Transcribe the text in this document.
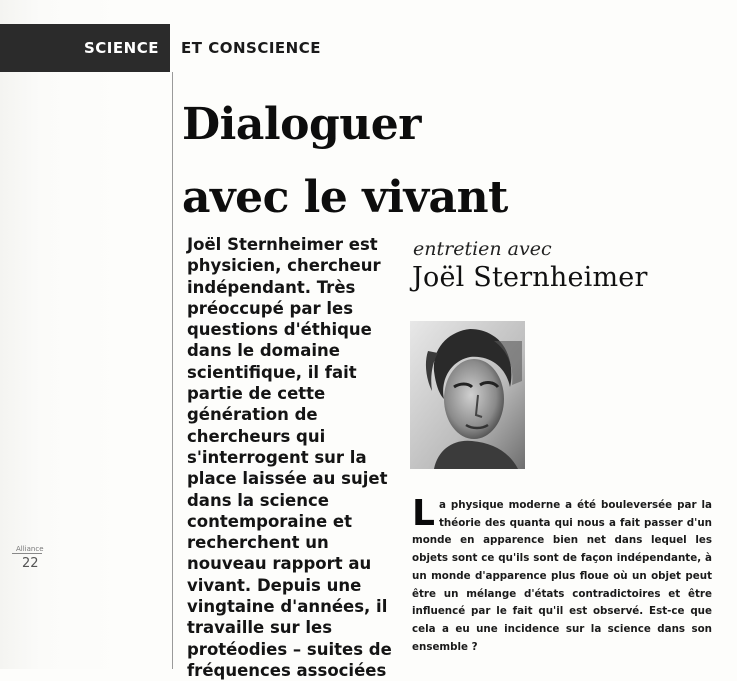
SCIENCE ET CONSCIENCE
Dialoguer
avec le vivant

Joël Sternheimer est physicien, chercheur indépendant. Très préoccupé par les questions d'éthique dans le domaine scientifique, il fait partie de cette génération de chercheurs qui s'interrogent sur la place laissée au sujet dans la science contemporaine et recherchent un nouveau rapport au vivant. Depuis une vingtaine d'années, il travaille sur les protéodies – suites de fréquences associées

entretien avec
Joël Sternheimer

La physique moderne a été bouleversée par la théorie des quanta qui nous a fait passer d'un monde en apparence bien net dans lequel les objets sont ce qu'ils sont de façon indépendante, à un monde d'apparence plus floue où un objet peut être un mélange d'états contradictoires et être influencé par le fait qu'il est observé. Est-ce que cela a eu une incidence sur la science dans son ensemble ?

Alliance
22
